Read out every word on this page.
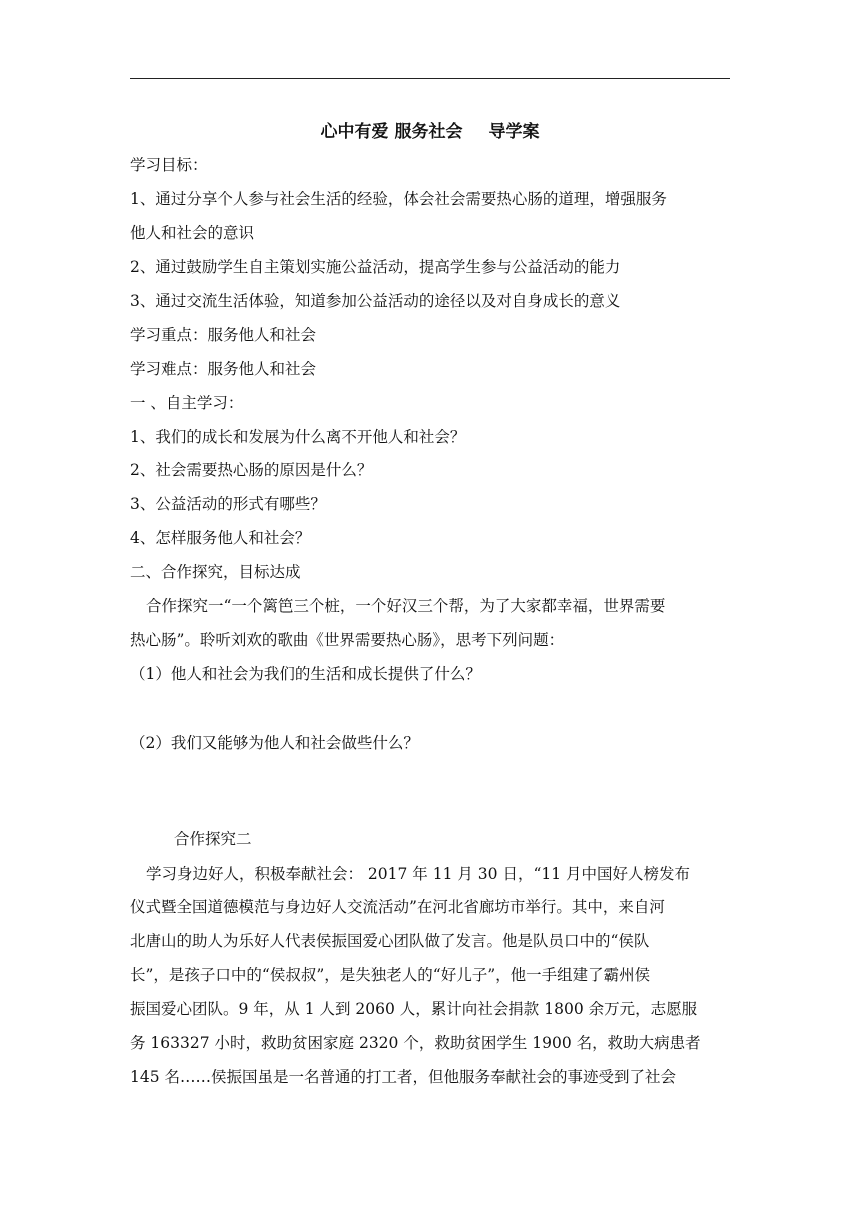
心中有爱 服务社会 导学案
学习目标：
1、通过分享个人参与社会生活的经验，体会社会需要热心肠的道理，增强服务
他人和社会的意识
2、通过鼓励学生自主策划实施公益活动，提高学生参与公益活动的能力
3、通过交流生活体验，知道参加公益活动的途径以及对自身成长的意义
学习重点：服务他人和社会
学习难点：服务他人和社会
一 、自主学习：
1、我们的成长和发展为什么离不开他人和社会？
2、社会需要热心肠的原因是什么？
3、公益活动的形式有哪些？
4、怎样服务他人和社会？
二、合作探究，目标达成
合作探究一“一个篱笆三个桩，一个好汉三个帮，为了大家都幸福，世界需要
热心肠”。聆听刘欢的歌曲《世界需要热心肠》，思考下列问题：
（1）他人和社会为我们的生活和成长提供了什么？
（2）我们又能够为他人和社会做些什么？
合作探究二
学习身边好人，积极奉献社会： 2017 年 11 月 30 日，“11 月中国好人榜发布
仪式暨全国道德模范与身边好人交流活动”在河北省廊坊市举行。其中，来自河
北唐山的助人为乐好人代表侯振国爱心团队做了发言。他是队员口中的“侯队
长”，是孩子口中的“侯叔叔”，是失独老人的“好儿子”，他一手组建了霸州侯
振国爱心团队。9 年，从 1 人到 2060 人，累计向社会捐款 1800 余万元，志愿服
务 163327 小时，救助贫困家庭 2320 个，救助贫困学生 1900 名，救助大病患者
145 名……侯振国虽是一名普通的打工者，但他服务奉献社会的事迹受到了社会
